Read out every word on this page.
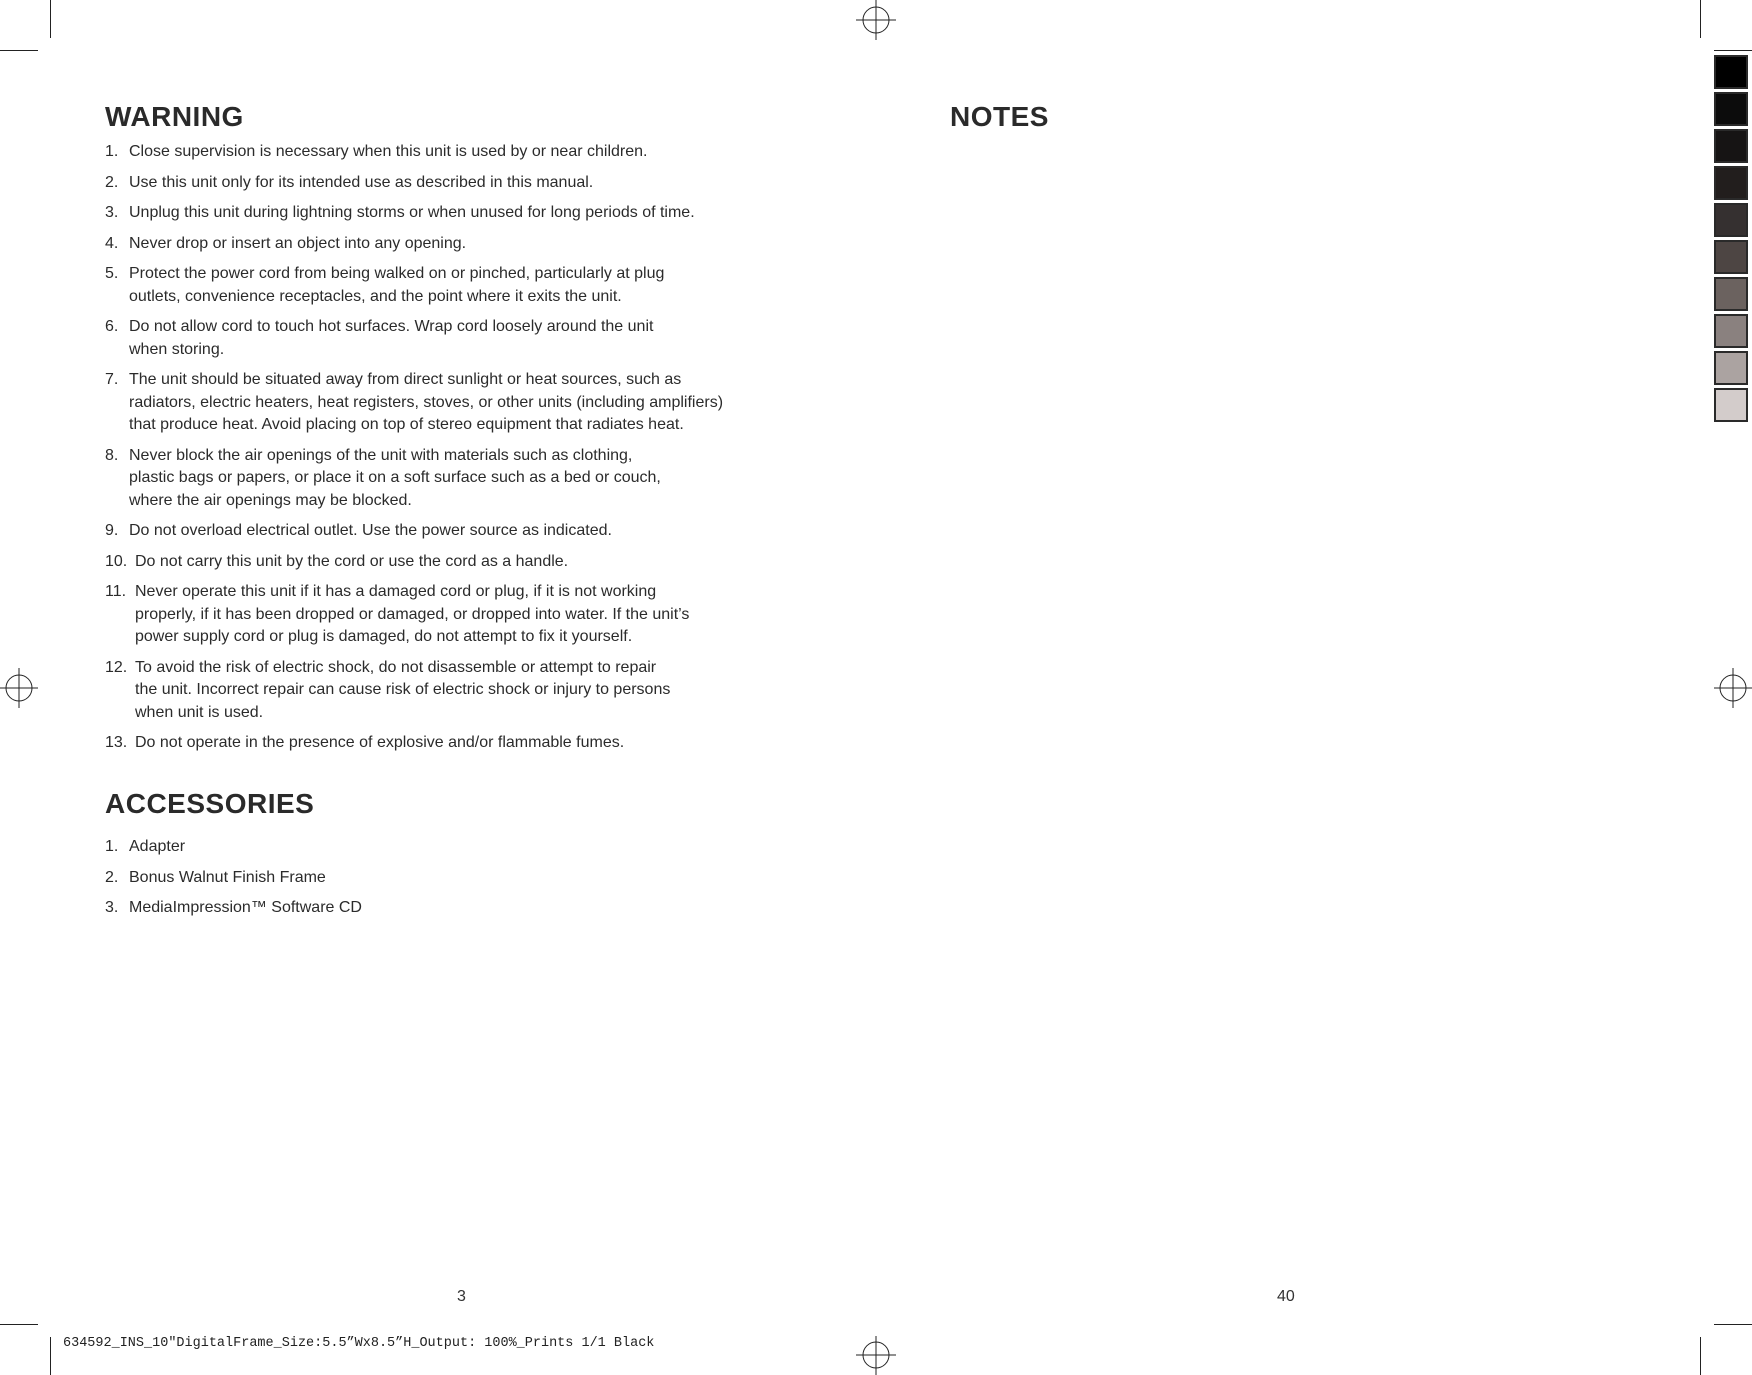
WARNING
1. Close supervision is necessary when this unit is used by or near children.
2. Use this unit only for its intended use as described in this manual.
3. Unplug this unit during lightning storms or when unused for long periods of time.
4. Never drop or insert an object into any opening.
5. Protect the power cord from being walked on or pinched, particularly at plug
outlets, convenience receptacles, and the point where it exits the unit.
6. Do not allow cord to touch hot surfaces. Wrap cord loosely around the unit
when storing.
7. The unit should be situated away from direct sunlight or heat sources, such as
radiators, electric heaters, heat registers, stoves, or other units (including amplifiers)
that produce heat. Avoid placing on top of stereo equipment that radiates heat.
8. Never block the air openings of the unit with materials such as clothing,
plastic bags or papers, or place it on a soft surface such as a bed or couch,
where the air openings may be blocked.
9. Do not overload electrical outlet. Use the power source as indicated.
10. Do not carry this unit by the cord or use the cord as a handle.
11. Never operate this unit if it has a damaged cord or plug, if it is not working
properly, if it has been dropped or damaged, or dropped into water. If the unit’s
power supply cord or plug is damaged, do not attempt to fix it yourself.
12. To avoid the risk of electric shock, do not disassemble or attempt to repair
the unit. Incorrect repair can cause risk of electric shock or injury to persons
when unit is used.
13. Do not operate in the presence of explosive and/or flammable fumes.
ACCESSORIES
1. Adapter
2. Bonus Walnut Finish Frame
3. MediaImpression™ Software CD
3
NOTES
40
634592_INS_10"DigitalFrame_Size:5.5”Wx8.5”H_Output: 100%_Prints 1/1 Black
